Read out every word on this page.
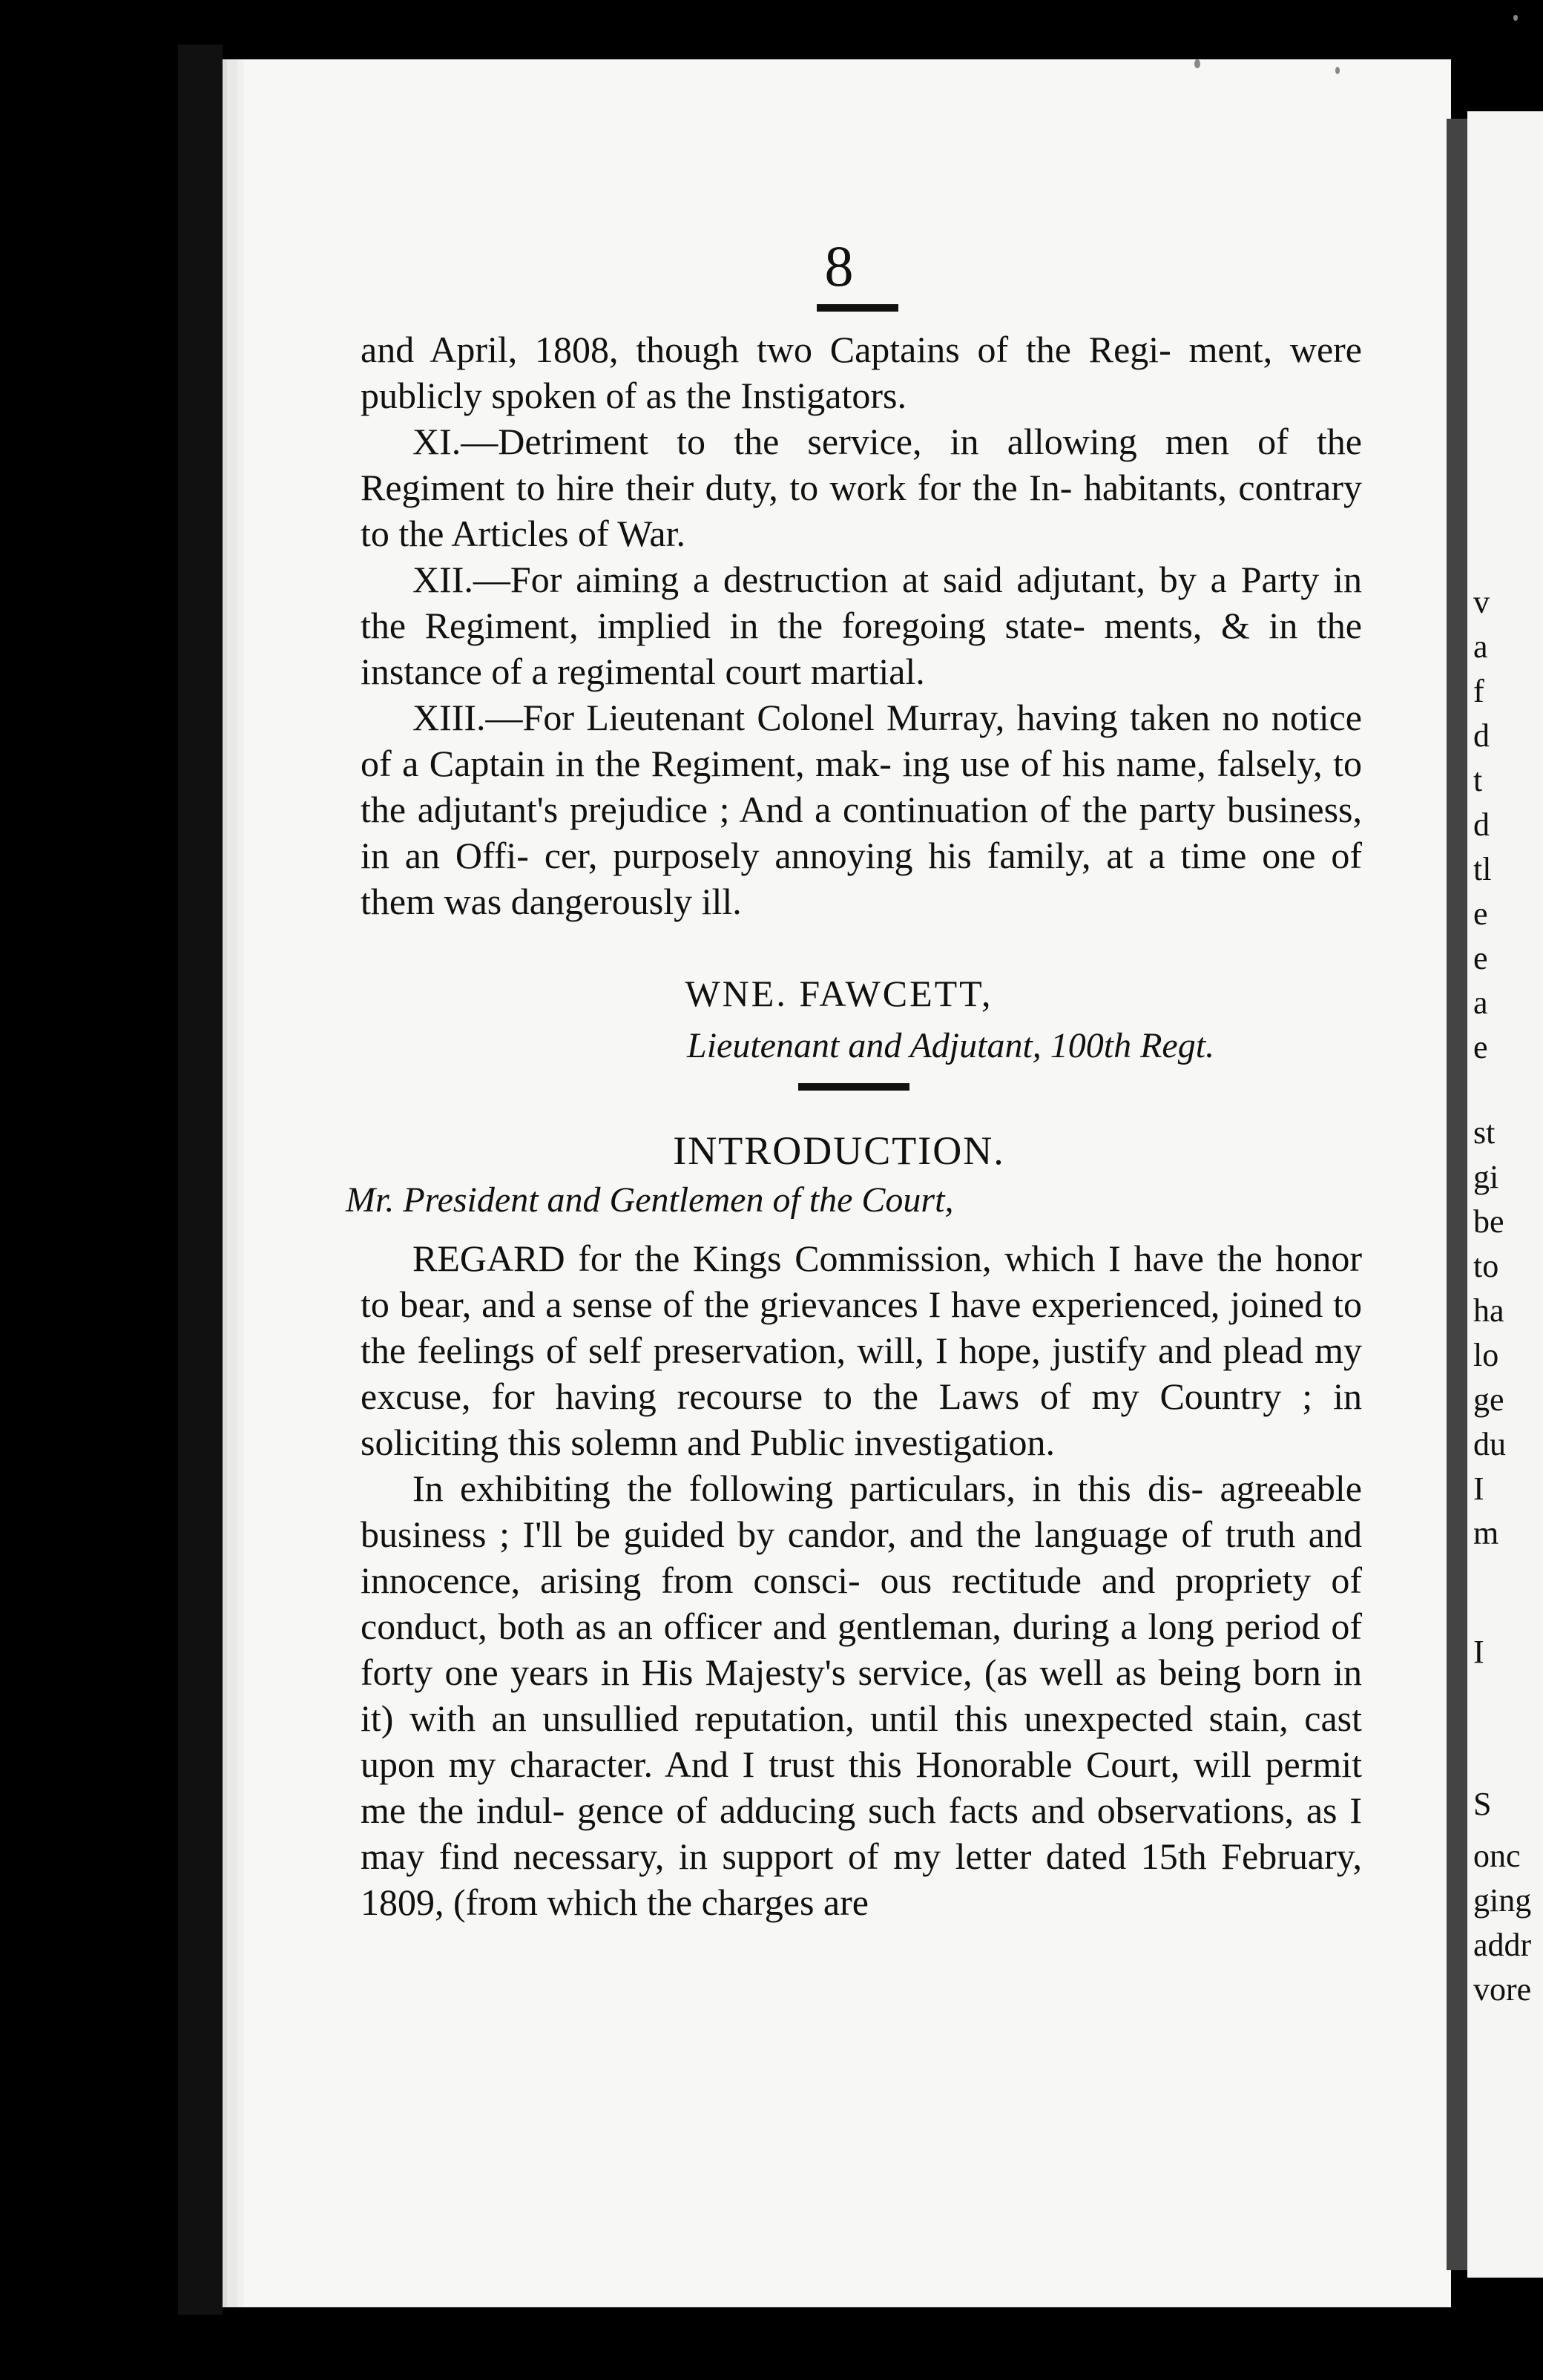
8

and April, 1808, though two Captains of the Regi- ment, were publicly spoken of as the Instigators.

XI.—Detriment to the service, in allowing men of the Regiment to hire their duty, to work for the In- habitants, contrary to the Articles of War.

XII.—For aiming a destruction at said adjutant, by a Party in the Regiment, implied in the foregoing state- ments, & in the instance of a regimental court martial.

XIII.—For Lieutenant Colonel Murray, having taken no notice of a Captain in the Regiment, mak- ing use of his name, falsely, to the adjutant's prejudice ; And a continuation of the party business, in an Offi- cer, purposely annoying his family, at a time one of them was dangerously ill.

WNE. FAWCETT,
Lieutenant and Adjutant, 100th Regt.
INTRODUCTION.
Mr. President and Gentlemen of the Court,

REGARD for the Kings Commission, which I have the honor to bear, and a sense of the grievances I have experienced, joined to the feelings of self preservation, will, I hope, justify and plead my excuse, for having recourse to the Laws of my Country ; in soliciting this solemn and Public investigation.

In exhibiting the following particulars, in this dis- agreeable business ; I'll be guided by candor, and the language of truth and innocence, arising from consci- ous rectitude and propriety of conduct, both as an officer and gentleman, during a long period of forty one years in His Majesty's service, (as well as being born in it) with an unsullied reputation, until this unexpected stain, cast upon my character. And I trust this Honorable Court, will permit me the indul- gence of adducing such facts and observations, as I may find necessary, in support of my letter dated 15th February, 1809, (from which the charges are

v
a
f
d
t
d
tl
e
e
a
e
st
gi
be
to
ha
lo
ge
du
I
m
I
S
onc
ging
addr
vore
